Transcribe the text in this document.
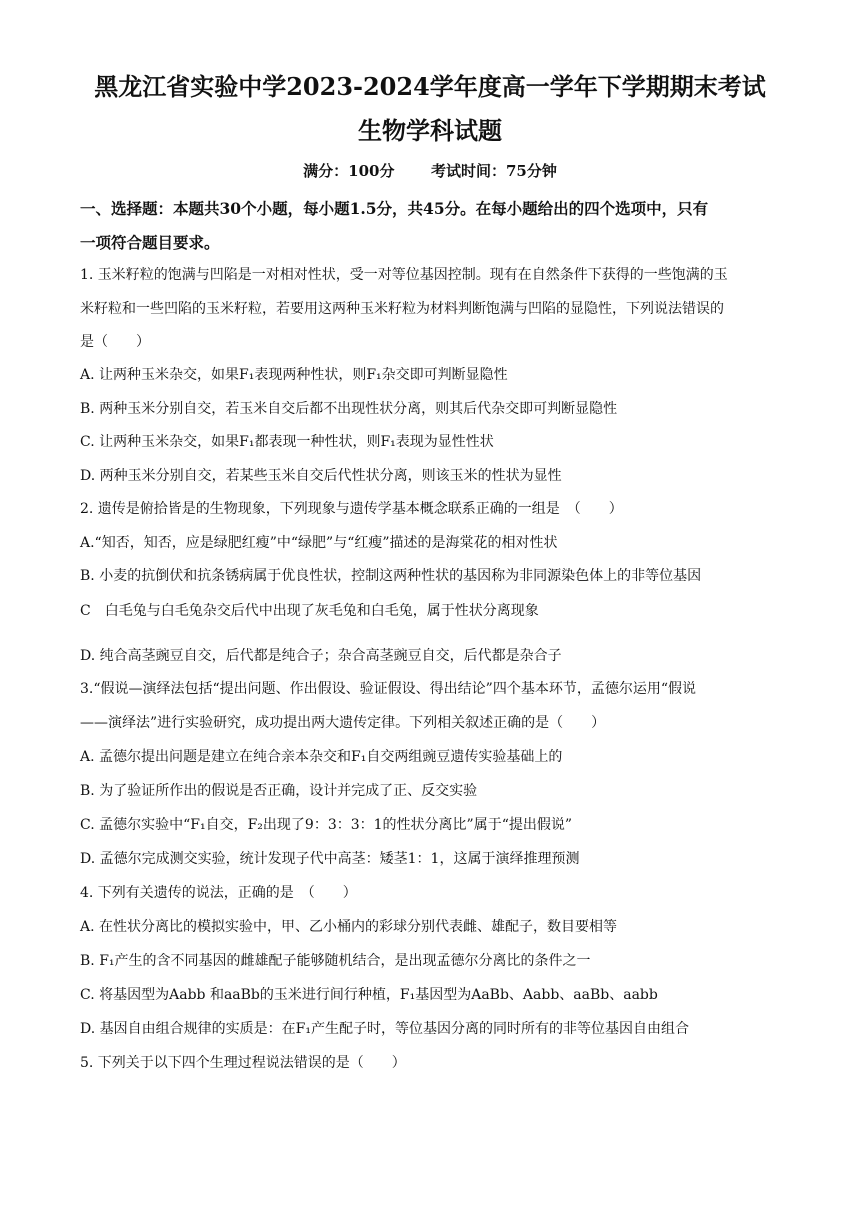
黑龙江省实验中学2023-2024学年度高一学年下学期期末考试
生物学科试题
满分：100分 考试时间：75分钟
一、选择题：本题共30个小题，每小题1.5分，共45分。在每小题给出的四个选项中，只有
一项符合题目要求。
1. 玉米籽粒的饱满与凹陷是一对相对性状，受一对等位基因控制。现有在自然条件下获得的一些饱满的玉
米籽粒和一些凹陷的玉米籽粒，若要用这两种玉米籽粒为材料判断饱满与凹陷的显隐性，下列说法错误的
是（　　）
A. 让两种玉米杂交，如果F₁表现两种性状，则F₁杂交即可判断显隐性
B. 两种玉米分别自交，若玉米自交后都不出现性状分离，则其后代杂交即可判断显隐性
C. 让两种玉米杂交，如果F₁都表现一种性状，则F₁表现为显性性状
D. 两种玉米分别自交，若某些玉米自交后代性状分离，则该玉米的性状为显性
2. 遗传是俯拾皆是的生物现象，下列现象与遗传学基本概念联系正确的一组是　（　　）
A.“知否，知否，应是绿肥红瘦”中“绿肥”与“红瘦”描述的是海棠花的相对性状
B. 小麦的抗倒伏和抗条锈病属于优良性状，控制这两种性状的基因称为非同源染色体上的非等位基因
C　白毛兔与白毛兔杂交后代中出现了灰毛兔和白毛兔，属于性状分离现象
D. 纯合高茎豌豆自交，后代都是纯合子；杂合高茎豌豆自交，后代都是杂合子
3.“假说—演绎法包括“提出问题、作出假设、验证假设、得出结论”四个基本环节，孟德尔运用“假说
——演绎法”进行实验研究，成功提出两大遗传定律。下列相关叙述正确的是（　　）
A. 孟德尔提出问题是建立在纯合亲本杂交和F₁自交两组豌豆遗传实验基础上的
B. 为了验证所作出的假说是否正确，设计并完成了正、反交实验
C. 孟德尔实验中“F₁自交，F₂出现了9：3：3：1的性状分离比”属于“提出假说”
D. 孟德尔完成测交实验，统计发现子代中高茎：矮茎1：1，这属于演绎推理预测
4. 下列有关遗传的说法，正确的是　（　　）
A. 在性状分离比的模拟实验中，甲、乙小桶内的彩球分别代表雌、雄配子，数目要相等
B. F₁产生的含不同基因的雌雄配子能够随机结合，是出现孟德尔分离比的条件之一
C. 将基因型为Aabb 和aaBb的玉米进行间行种植，F₁基因型为AaBb、Aabb、aaBb、aabb
D. 基因自由组合规律的实质是：在F₁产生配子时，等位基因分离的同时所有的非等位基因自由组合
5. 下列关于以下四个生理过程说法错误的是（　　）
